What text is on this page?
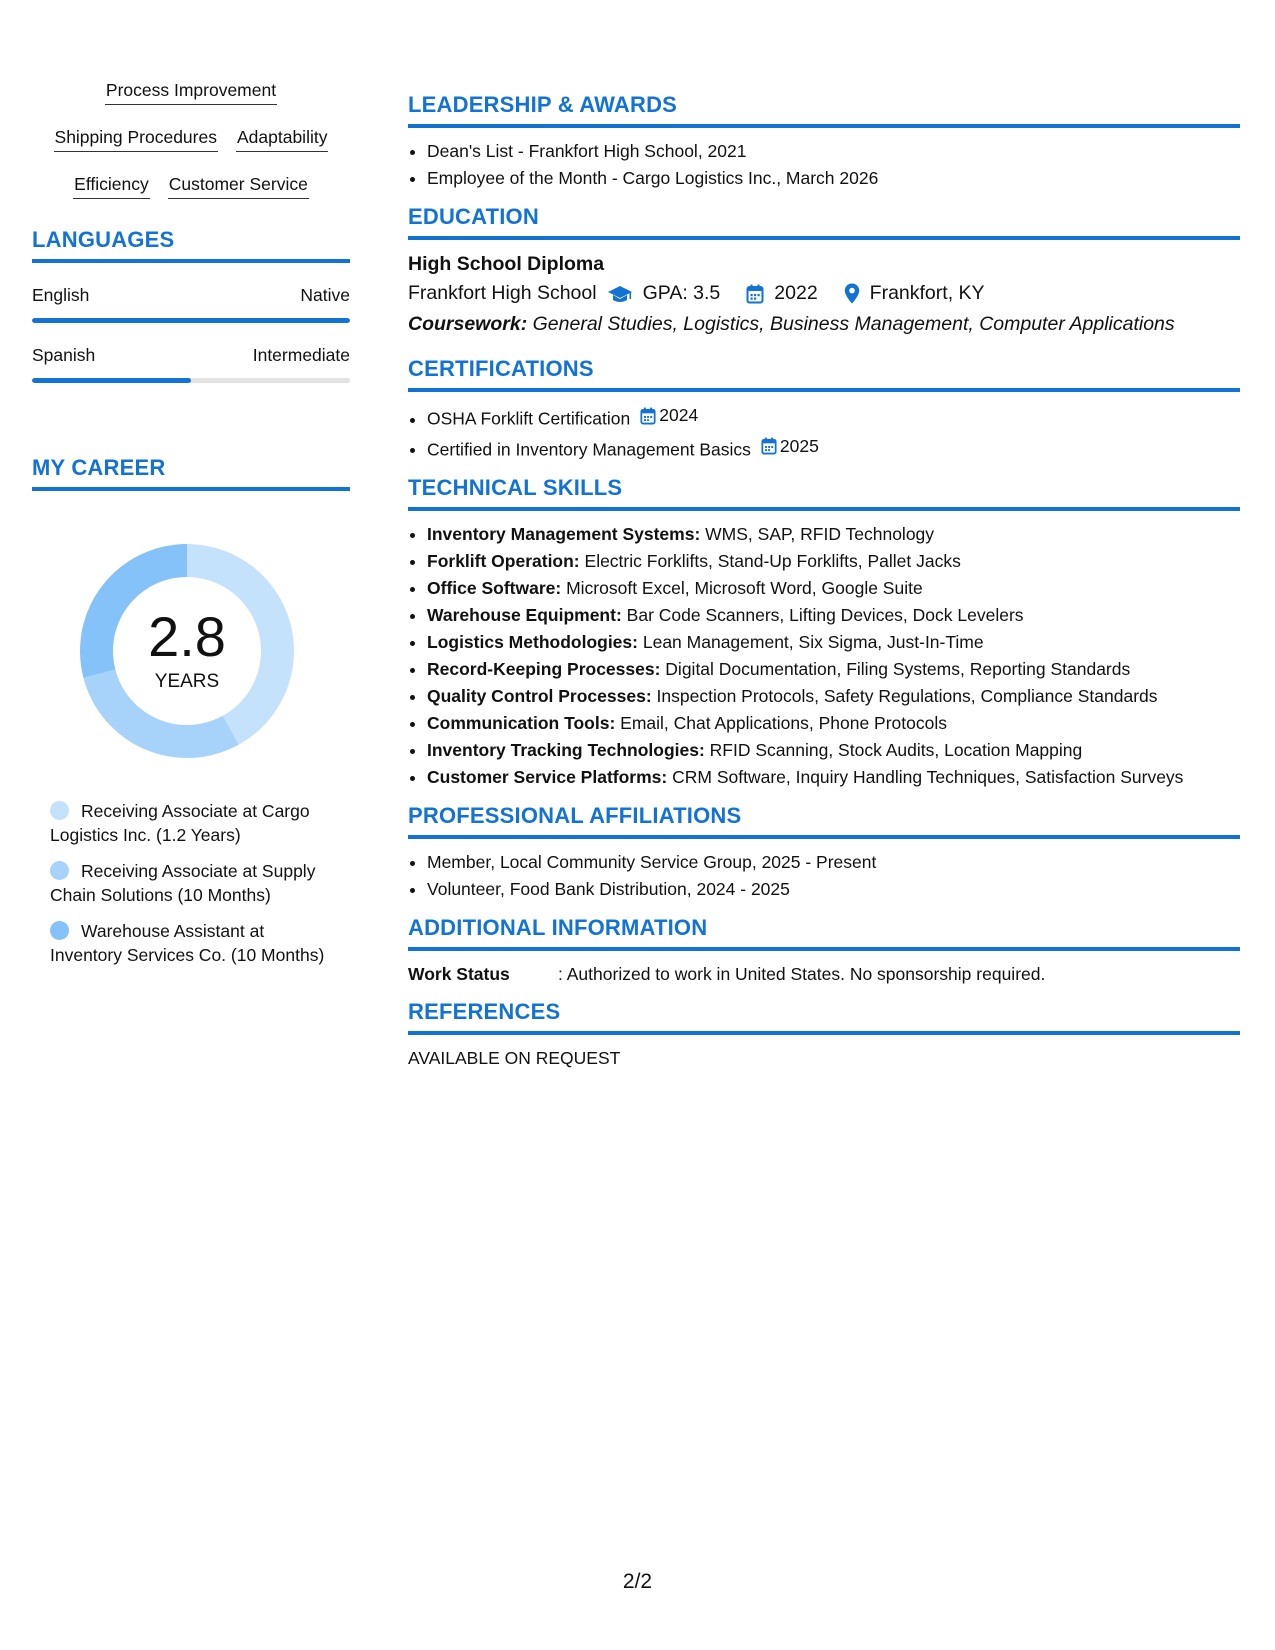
Process Improvement
Shipping Procedures Adaptability
Efficiency Customer Service
LANGUAGES
English	Native
Spanish	Intermediate
MY CAREER
2.8
YEARS
Receiving Associate at Cargo Logistics Inc. (1.2 Years)
Receiving Associate at Supply Chain Solutions (10 Months)
Warehouse Assistant at Inventory Services Co. (10 Months)
LEADERSHIP & AWARDS
• Dean's List - Frankfort High School, 2021
• Employee of the Month - Cargo Logistics Inc., March 2026
EDUCATION
High School Diploma
Frankfort High School GPA: 3.5	2022	Frankfort, KY
Coursework: General Studies, Logistics, Business Management, Computer Applications
CERTIFICATIONS
• OSHA Forklift Certification 2024
• Certified in Inventory Management Basics 2025
TECHNICAL SKILLS
• Inventory Management Systems: WMS, SAP, RFID Technology
• Forklift Operation: Electric Forklifts, Stand-Up Forklifts, Pallet Jacks
• Office Software: Microsoft Excel, Microsoft Word, Google Suite
• Warehouse Equipment: Bar Code Scanners, Lifting Devices, Dock Levelers
• Logistics Methodologies: Lean Management, Six Sigma, Just-In-Time
• Record-Keeping Processes: Digital Documentation, Filing Systems, Reporting Standards
• Quality Control Processes: Inspection Protocols, Safety Regulations, Compliance Standards
• Communication Tools: Email, Chat Applications, Phone Protocols
• Inventory Tracking Technologies: RFID Scanning, Stock Audits, Location Mapping
• Customer Service Platforms: CRM Software, Inquiry Handling Techniques, Satisfaction Surveys
PROFESSIONAL AFFILIATIONS
• Member, Local Community Service Group, 2025 - Present
• Volunteer, Food Bank Distribution, 2024 - 2025
ADDITIONAL INFORMATION
Work Status	: Authorized to work in United States. No sponsorship required.
REFERENCES
AVAILABLE ON REQUEST
2/2
